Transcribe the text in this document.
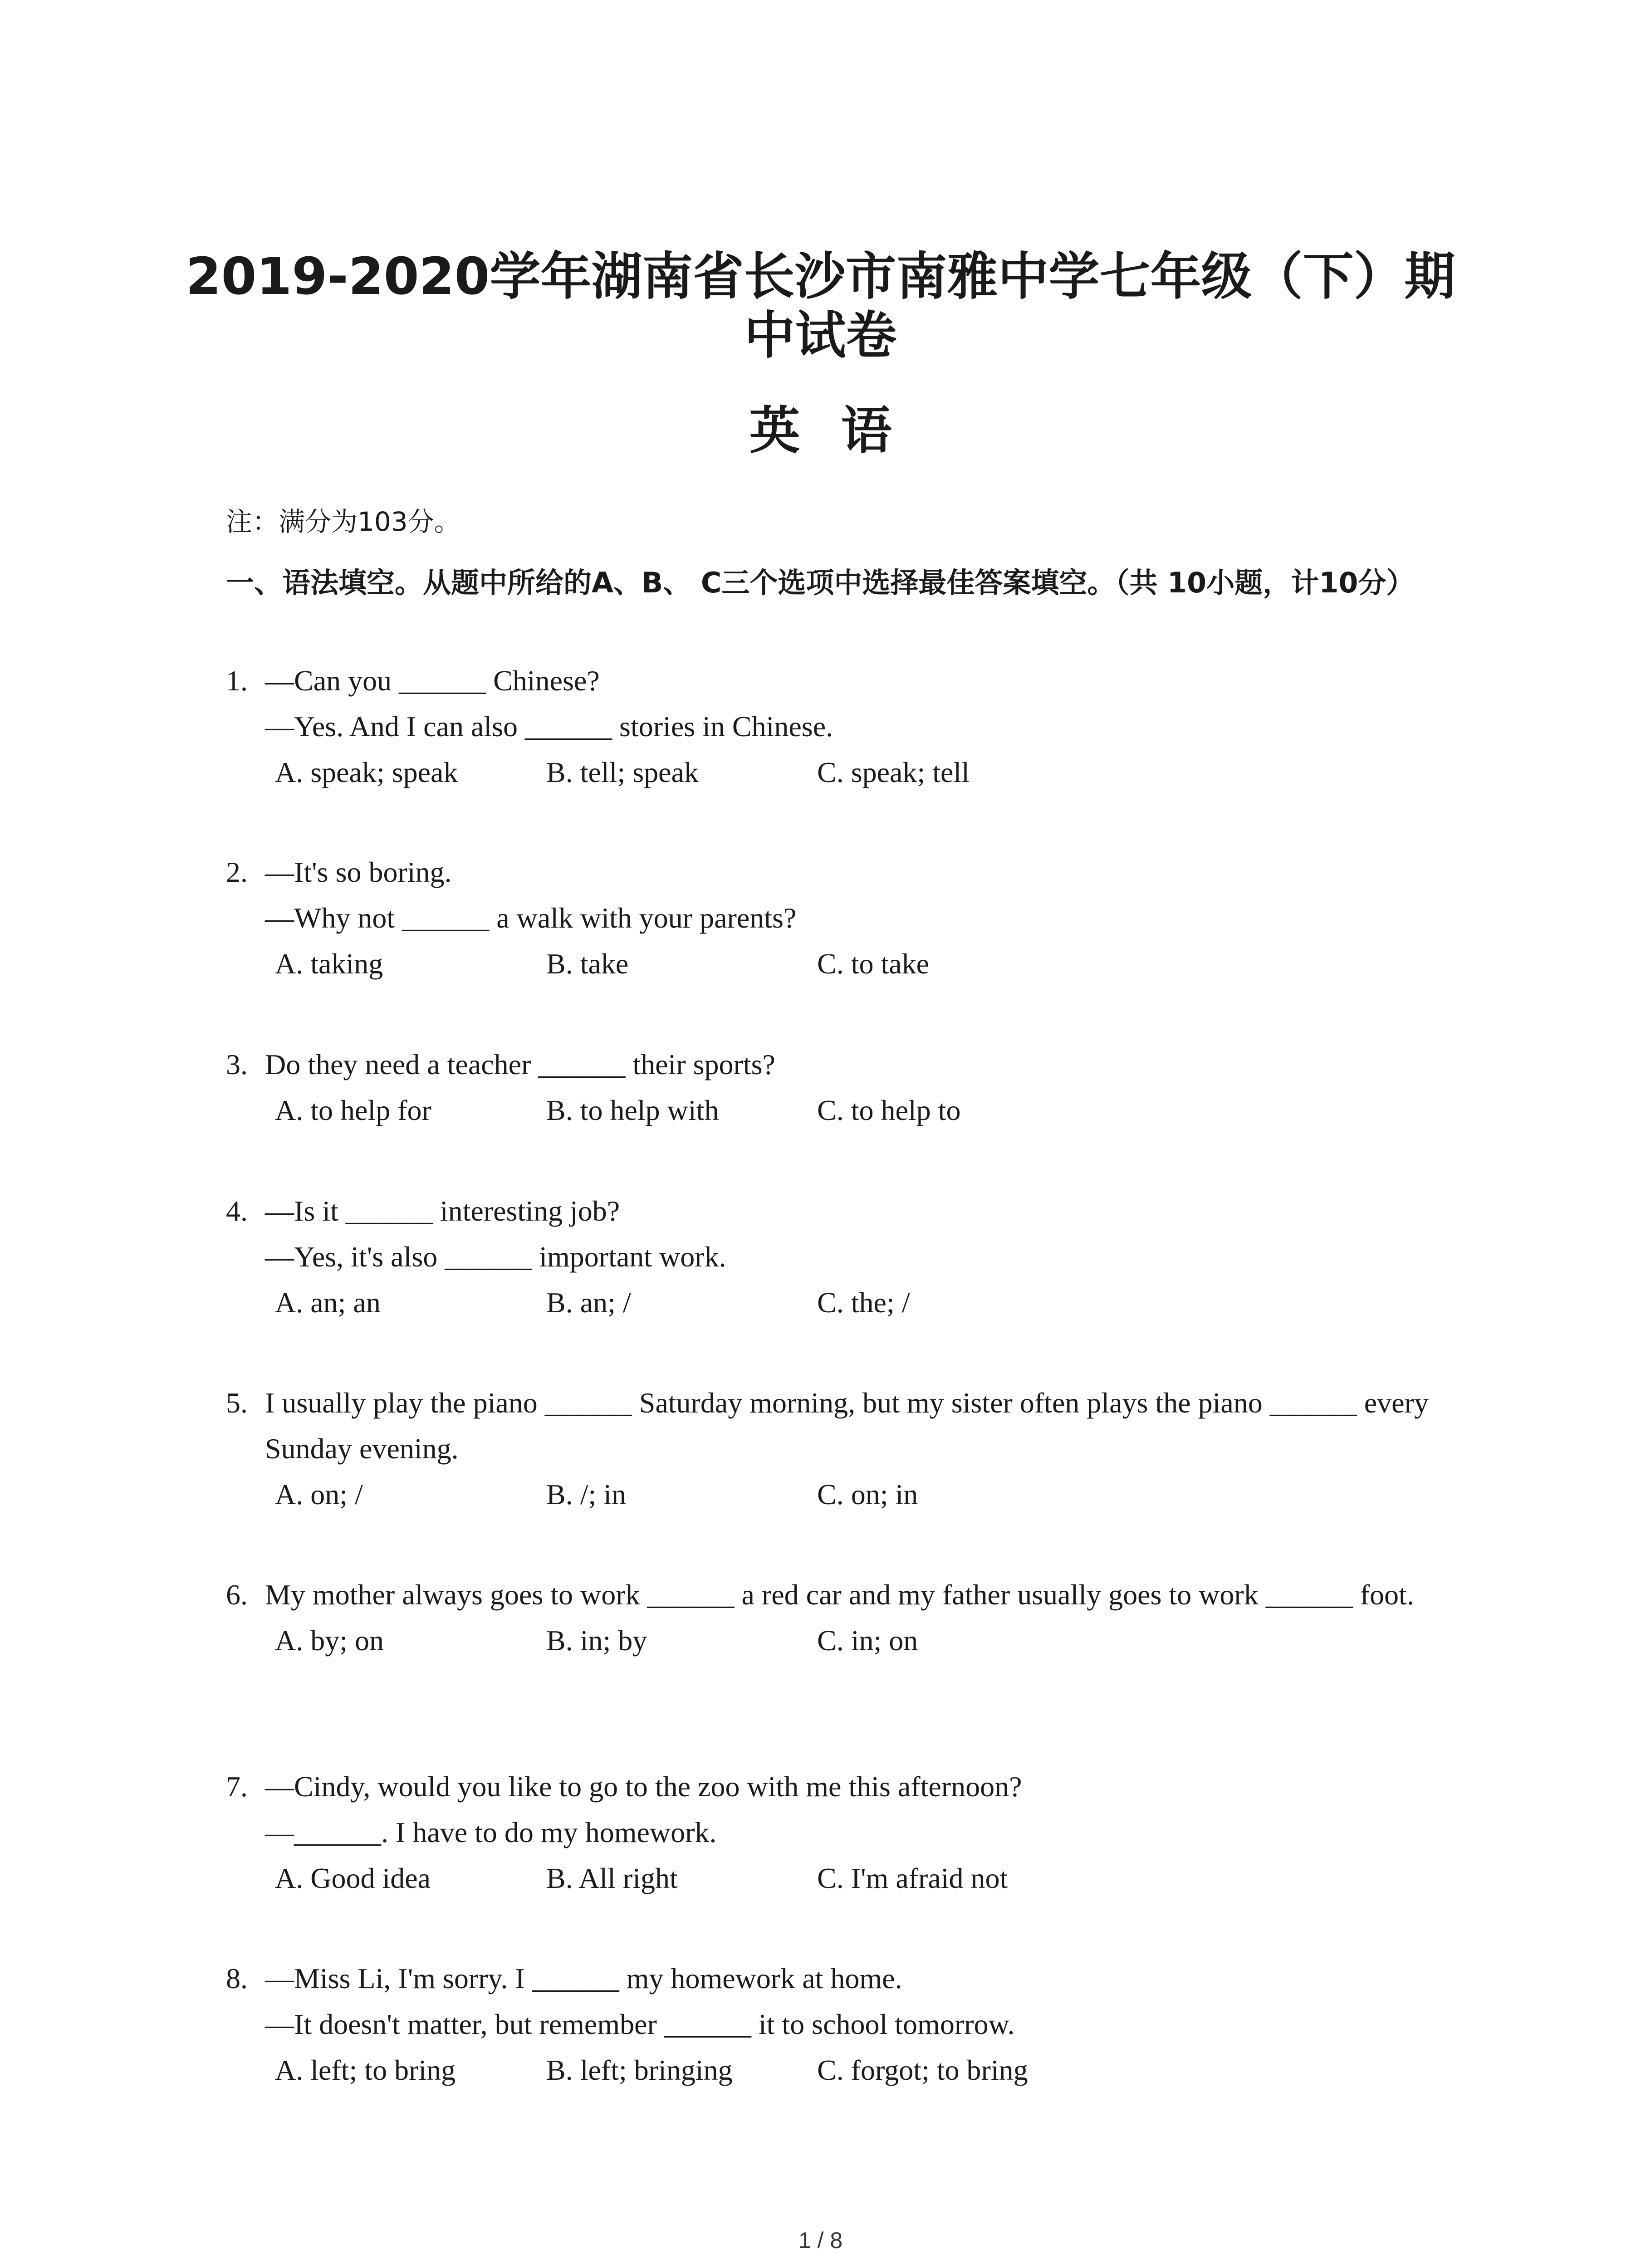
2019-2020学年湖南省长沙市南雅中学七年级（下）期
中试卷
英语
注：满分为103分。
一、语法填空。从题中所给的A、B、 C三个选项中选择最佳答案填空。（共 10小题，计10分）
1. —Can you ______ Chinese?
—Yes. And I can also ______ stories in Chinese.
A. speak; speak	B. tell; speak	C. speak; tell
2. —It's so boring.
—Why not ______ a walk with your parents?
A. taking	B. take	C. to take
3. Do they need a teacher ______ their sports?
A. to help for	B. to help with	C. to help to
4. —Is it ______ interesting job?
—Yes, it's also ______ important work.
A. an; an	B. an; /	C. the; /
5. I usually play the piano ______ Saturday morning, but my sister often plays the piano ______ every Sunday evening.
A. on; /	B. /; in	C. on; in
6. My mother always goes to work ______ a red car and my father usually goes to work ______ foot.
A. by; on	B. in; by	C. in; on
7. —Cindy, would you like to go to the zoo with me this afternoon?
—______. I have to do my homework.
A. Good idea	B. All right	C. I'm afraid not
8. —Miss Li, I'm sorry. I ______ my homework at home.
—It doesn't matter, but remember ______ it to school tomorrow.
A. left; to bring	B. left; bringing	C. forgot; to bring
1 / 8
